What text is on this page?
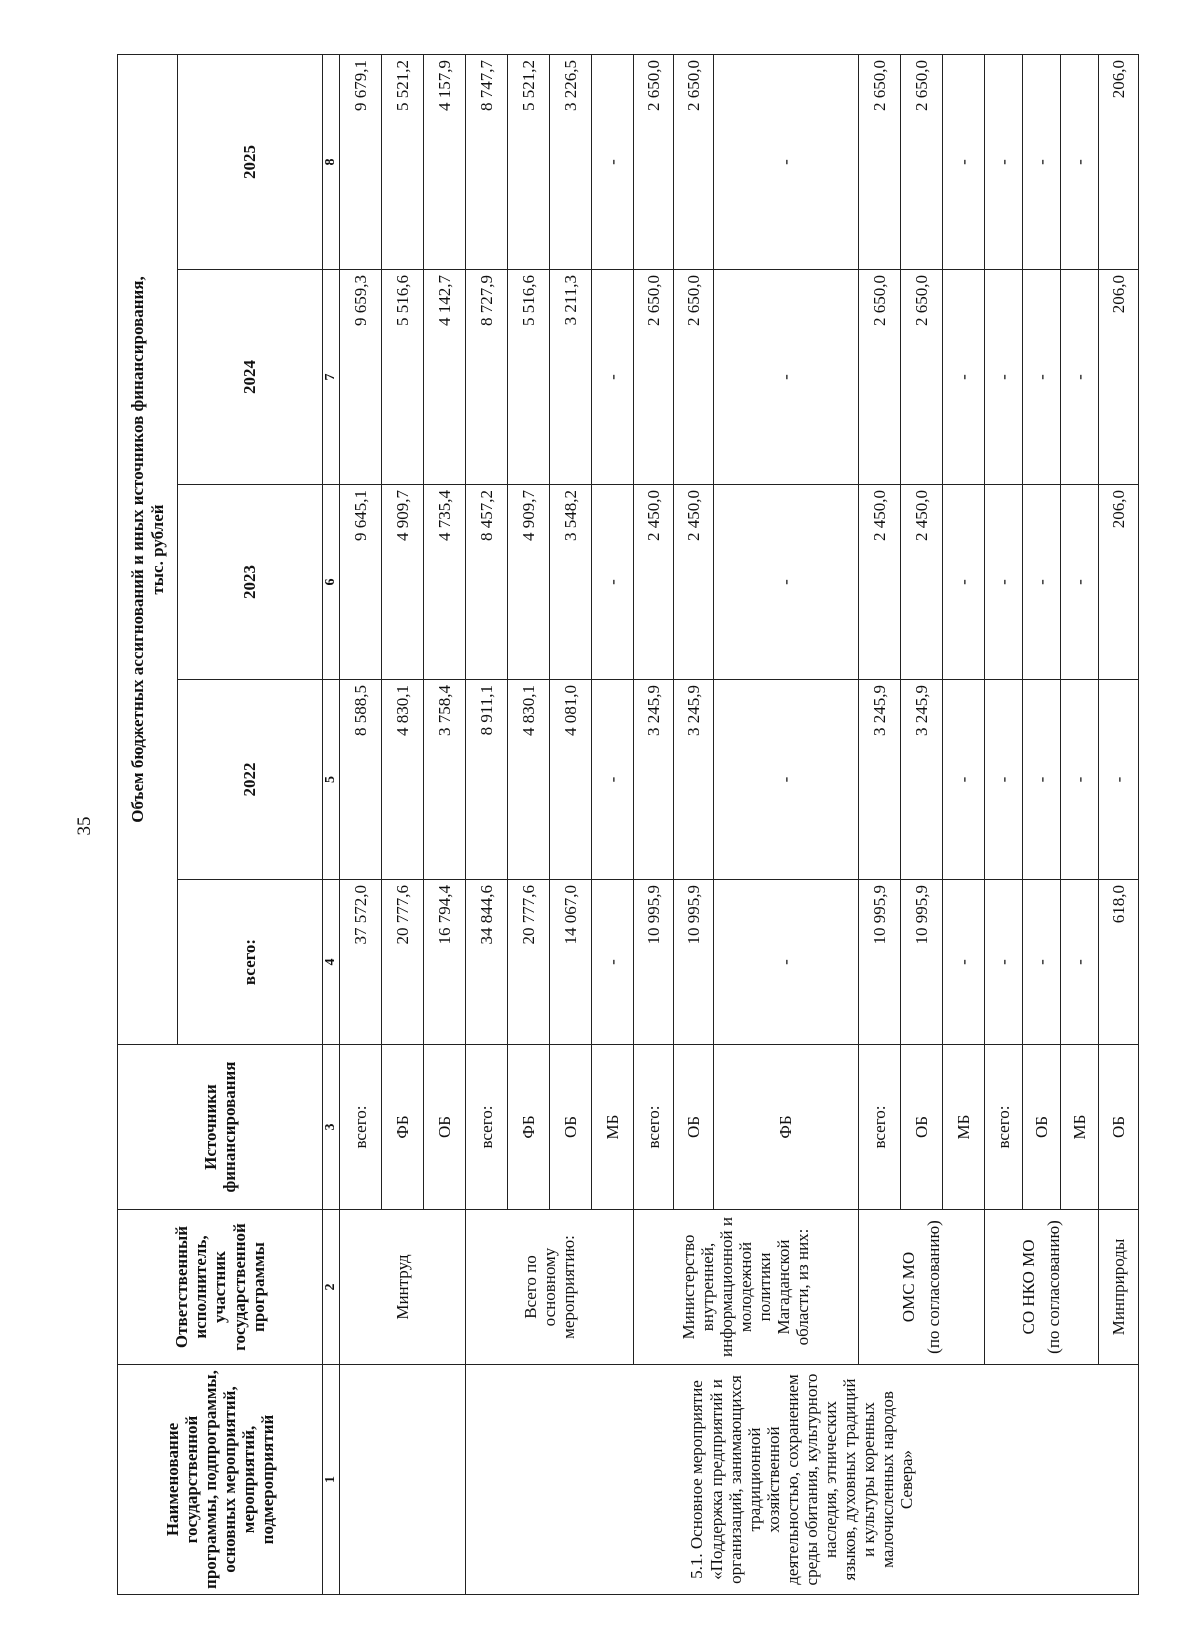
35
Наименование государственной программы, подпрограммы, основных мероприятий, мероприятий, подмероприятий	Ответственный исполнитель, участник государственной программы	Источники финансирования	Объем бюджетных ассигнований и иных источников финансирования, тыс. рублей				

			всего:	2022	2023	2024	2025
1	2	3	4	5	6	7	8
	Минтруд	всего:	37 572,0	8 588,5	9 645,1	9 659,3	9 679,1
		ФБ	20 777,6	4 830,1	4 909,7	5 516,6	5 521,2
		ОБ	16 794,4	3 758,4	4 735,4	4 142,7	4 157,9
5.1. Основное мероприятие «Поддержка предприятий и организаций, занимающихся традиционной хозяйственной деятельностью, сохранением среды обитания, культурного наследия, этнических языков, духовных традиций и культуры коренных малочисленных народов Севера»	Всего по основному мероприятию:	всего:	34 844,6	8 911,1	8 457,2	8 727,9	8 747,7
		ФБ	20 777,6	4 830,1	4 909,7	5 516,6	5 521,2
		ОБ	14 067,0	4 081,0	3 548,2	3 211,3	3 226,5
		МБ	-	-	-	-	-
	Министерство внутренней, информационной и молодежной политики Магаданской области, из них:	всего:	10 995,9	3 245,9	2 450,0	2 650,0	2 650,0
		ОБ	10 995,9	3 245,9	2 450,0	2 650,0	2 650,0
		ФБ	-	-	-	-	-

	ОМС МО (по согласованию)	всего:	10 995,9	3 245,9	2 450,0	2 650,0	2 650,0
		ОБ	10 995,9	3 245,9	2 450,0	2 650,0	2 650,0
		МБ	-	-	-	-	-

	СО НКО МО (по согласованию)	всего:	-	-	-	-	-
		ОБ	-	-	-	-	-
		МБ	-	-	-	-	-
	Минприроды	ОБ	618,0	-	206,0	206,0	206,0
